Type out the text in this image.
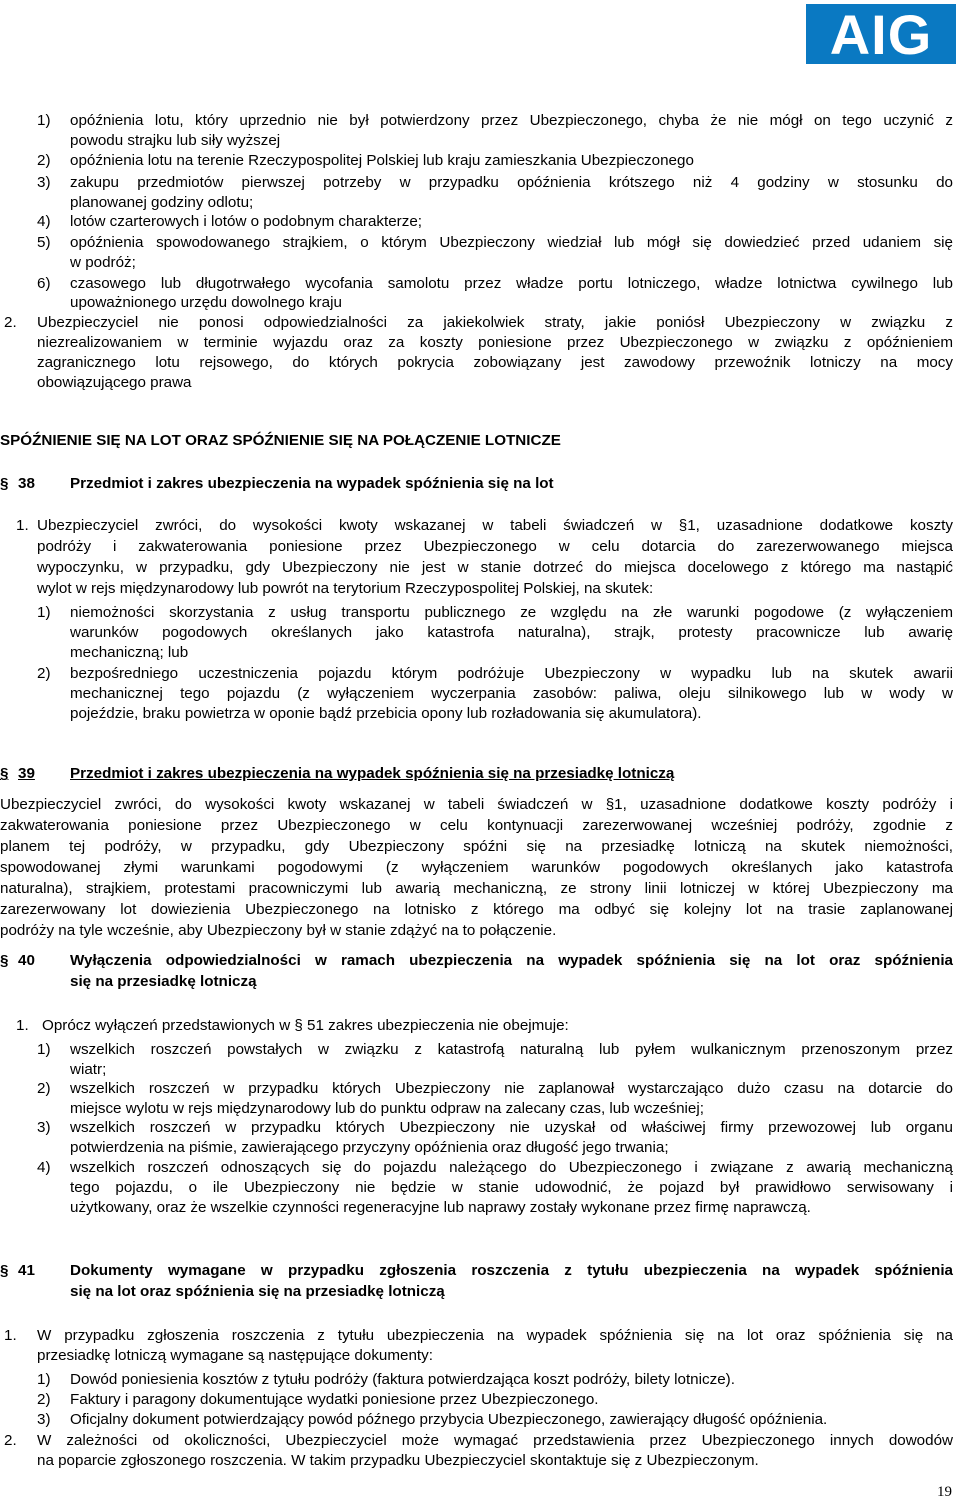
AIG
1) opóźnienia lotu, który uprzednio nie był potwierdzony przez Ubezpieczonego, chyba że nie mógł on tego uczynić z
powodu strajku lub siły wyższej
2) opóźnienia lotu na terenie Rzeczypospolitej Polskiej lub kraju zamieszkania Ubezpieczonego
3) zakupu przedmiotów pierwszej potrzeby w przypadku opóźnienia krótszego niż 4 godziny w stosunku do
planowanej godziny odlotu;
4) lotów czarterowych i lotów o podobnym charakterze;
5) opóźnienia spowodowanego strajkiem, o którym Ubezpieczony wiedział lub mógł się dowiedzieć przed udaniem się
w podróż;
6) czasowego lub długotrwałego wycofania samolotu przez władze portu lotniczego, władze lotnictwa cywilnego lub
upoważnionego urzędu dowolnego kraju
2. Ubezpieczyciel nie ponosi odpowiedzialności za jakiekolwiek straty, jakie poniósł Ubezpieczony w związku z
niezrealizowaniem w terminie wyjazdu oraz za koszty poniesione przez Ubezpieczonego w związku z opóźnieniem
zagranicznego lotu rejsowego, do których pokrycia zobowiązany jest zawodowy przewoźnik lotniczy na mocy
obowiązującego prawa
SPÓŹNIENIE SIĘ NA LOT ORAZ SPÓŹNIENIE SIĘ NA POŁĄCZENIE LOTNICZE
§ 38 Przedmiot i zakres ubezpieczenia na wypadek spóźnienia się na lot
1. Ubezpieczyciel zwróci, do wysokości kwoty wskazanej w tabeli świadczeń w §1, uzasadnione dodatkowe koszty
podróży i zakwaterowania poniesione przez Ubezpieczonego w celu dotarcia do zarezerwowanego miejsca
wypoczynku, w przypadku, gdy Ubezpieczony nie jest w stanie dotrzeć do miejsca docelowego z którego ma nastąpić
wylot w rejs międzynarodowy lub powrót na terytorium Rzeczypospolitej Polskiej, na skutek:
1) niemożności skorzystania z usług transportu publicznego ze względu na złe warunki pogodowe (z wyłączeniem
warunków pogodowych określanych jako katastrofa naturalna), strajk, protesty pracownicze lub awarię
mechaniczną; lub
2) bezpośredniego uczestniczenia pojazdu którym podróżuje Ubezpieczony w wypadku lub na skutek awarii
mechanicznej tego pojazdu (z wyłączeniem wyczerpania zasobów: paliwa, oleju silnikowego lub w wody w
pojeździe, braku powietrza w oponie bądź przebicia opony lub rozładowania się akumulatora).
§ 39 Przedmiot i zakres ubezpieczenia na wypadek spóźnienia się na przesiadkę lotniczą
Ubezpieczyciel zwróci, do wysokości kwoty wskazanej w tabeli świadczeń w §1, uzasadnione dodatkowe koszty podróży i
zakwaterowania poniesione przez Ubezpieczonego w celu kontynuacji zarezerwowanej wcześniej podróży, zgodnie z
planem tej podróży, w przypadku, gdy Ubezpieczony spóźni się na przesiadkę lotniczą na skutek niemożności,
spowodowanej złymi warunkami pogodowymi (z wyłączeniem warunków pogodowych określanych jako katastrofa
naturalna), strajkiem, protestami pracowniczymi lub awarią mechaniczną, ze strony linii lotniczej w której Ubezpieczony ma
zarezerwowany lot dowiezienia Ubezpieczonego na lotnisko z którego ma odbyć się kolejny lot na trasie zaplanowanej
podróży na tyle wcześnie, aby Ubezpieczony był w stanie zdążyć na to połączenie.
§ 40 Wyłączenia odpowiedzialności w ramach ubezpieczenia na wypadek spóźnienia się na lot oraz spóźnienia
się na przesiadkę lotniczą
1. Oprócz wyłączeń przedstawionych w § 51 zakres ubezpieczenia nie obejmuje:
1) wszelkich roszczeń powstałych w związku z katastrofą naturalną lub pyłem wulkanicznym przenoszonym przez
wiatr;
2) wszelkich roszczeń w przypadku których Ubezpieczony nie zaplanował wystarczająco dużo czasu na dotarcie do
miejsce wylotu w rejs międzynarodowy lub do punktu odpraw na zalecany czas, lub wcześniej;
3) wszelkich roszczeń w przypadku których Ubezpieczony nie uzyskał od właściwej firmy przewozowej lub organu
potwierdzenia na piśmie, zawierającego przyczyny opóźnienia oraz długość jego trwania;
4) wszelkich roszczeń odnoszących się do pojazdu należącego do Ubezpieczonego i związane z awarią mechaniczną
tego pojazdu, o ile Ubezpieczony nie będzie w stanie udowodnić, że pojazd był prawidłowo serwisowany i
użytkowany, oraz że wszelkie czynności regeneracyjne lub naprawy zostały wykonane przez firmę naprawczą.
§ 41 Dokumenty wymagane w przypadku zgłoszenia roszczenia z tytułu ubezpieczenia na wypadek spóźnienia
się na lot oraz spóźnienia się na przesiadkę lotniczą
1. W przypadku zgłoszenia roszczenia z tytułu ubezpieczenia na wypadek spóźnienia się na lot oraz spóźnienia się na
przesiadkę lotniczą wymagane są następujące dokumenty:
1) Dowód poniesienia kosztów z tytułu podróży (faktura potwierdzająca koszt podróży, bilety lotnicze).
2) Faktury i paragony dokumentujące wydatki poniesione przez Ubezpieczonego.
3) Oficjalny dokument potwierdzający powód późnego przybycia Ubezpieczonego, zawierający długość opóźnienia.
2. W zależności od okoliczności, Ubezpieczyciel może wymagać przedstawienia przez Ubezpieczonego innych dowodów
na poparcie zgłoszonego roszczenia. W takim przypadku Ubezpieczyciel skontaktuje się z Ubezpieczonym.
19
